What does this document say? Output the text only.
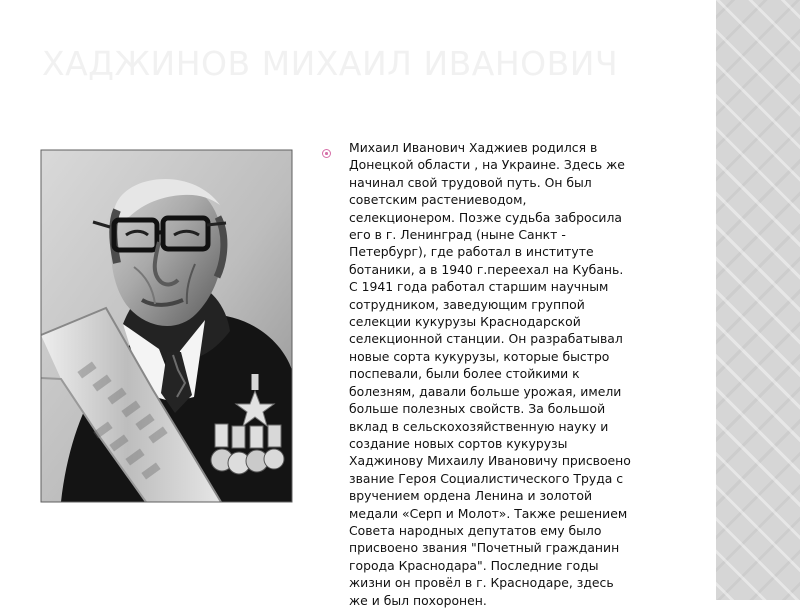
ХАДЖИНОВ МИХАИЛ ИВАНОВИЧ

Михаил Иванович Хаджиев родился в
Донецкой области , на Украине. Здесь же
начинал свой трудовой путь. Он был
советским растениеводом,
селекционером. Позже судьба забросила
его в г. Ленинград (ныне Санкт -
Петербург), где работал в институте
ботаники, а в 1940 г.переехал на Кубань.
С 1941 года работал старшим научным
сотрудником, заведующим группой
селекции кукурузы Краснодарской
селекционной станции. Он разрабатывал
новые сорта кукурузы, которые быстро
поспевали, были более стойкими к
болезням, давали больше урожая, имели
больше полезных свойств. За большой
вклад в сельскохозяйственную науку и
создание новых сортов кукурузы
Хаджинову Михаилу Ивановичу присвоено
звание Героя Социалистического Труда с
вручением ордена Ленина и золотой
медали «Серп и Молот». Также решением
Совета народных депутатов ему было
присвоено звания "Почетный гражданин
города Краснодара". Последние годы
жизни он провёл в г. Краснодаре, здесь
же и был похоронен.
